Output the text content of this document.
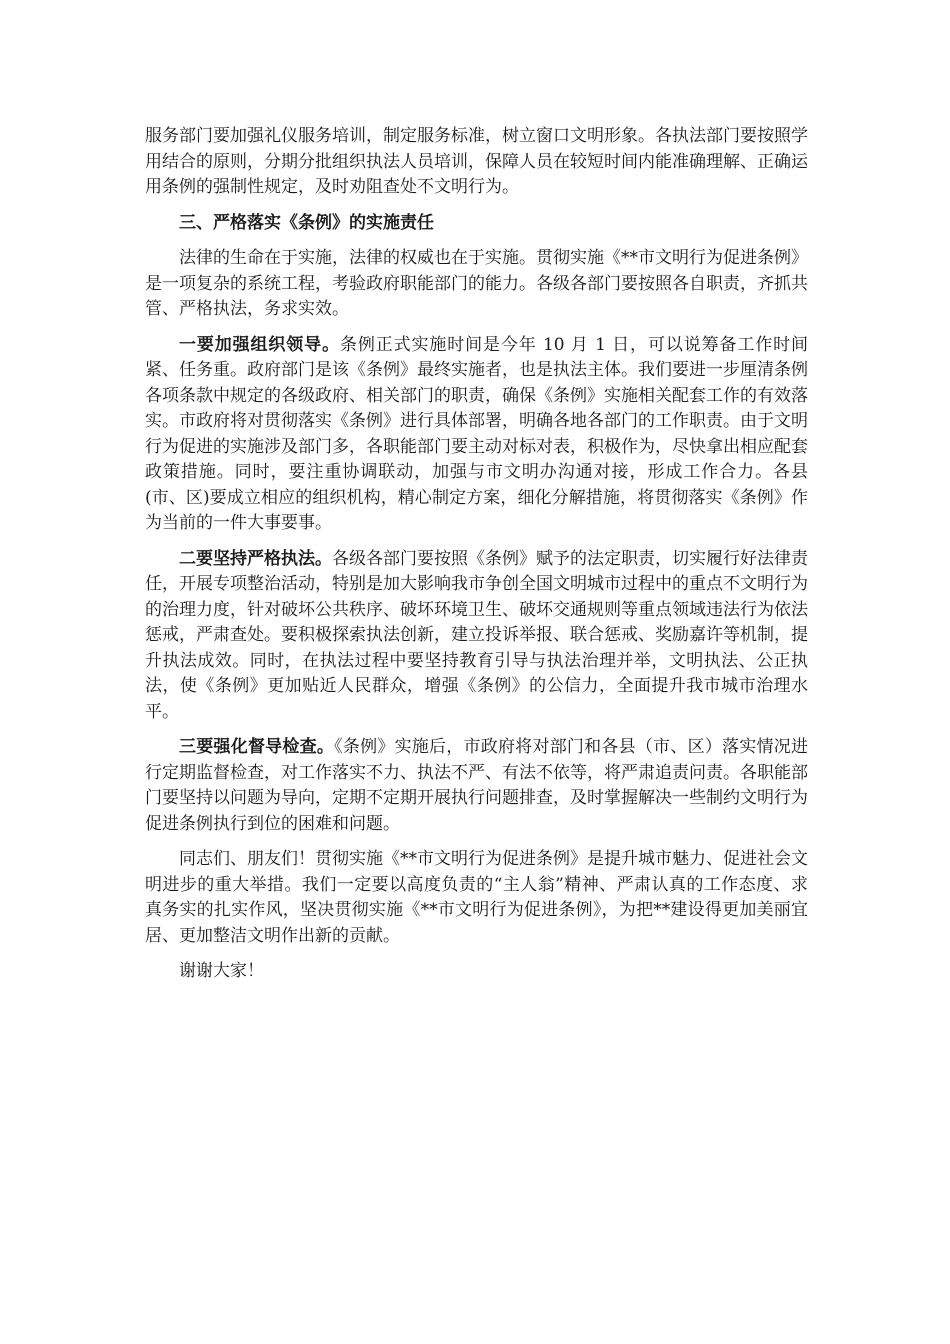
服务部门要加强礼仪服务培训，制定服务标准，树立窗口文明形象。各执法部门要按照学用结合的原则，分期分批组织执法人员培训，保障人员在较短时间内能准确理解、正确运用条例的强制性规定，及时劝阻查处不文明行为。

三、严格落实《条例》的实施责任

法律的生命在于实施，法律的权威也在于实施。贯彻实施《**市文明行为促进条例》是一项复杂的系统工程，考验政府职能部门的能力。各级各部门要按照各自职责，齐抓共管、严格执法，务求实效。

一要加强组织领导。条例正式实施时间是今年 10 月 1 日，可以说筹备工作时间紧、任务重。政府部门是该《条例》最终实施者，也是执法主体。我们要进一步厘清条例各项条款中规定的各级政府、相关部门的职责，确保《条例》实施相关配套工作的有效落实。市政府将对贯彻落实《条例》进行具体部署，明确各地各部门的工作职责。由于文明行为促进的实施涉及部门多，各职能部门要主动对标对表，积极作为，尽快拿出相应配套政策措施。同时，要注重协调联动，加强与市文明办沟通对接，形成工作合力。各县(市、区)要成立相应的组织机构，精心制定方案，细化分解措施，将贯彻落实《条例》作为当前的一件大事要事。

二要坚持严格执法。各级各部门要按照《条例》赋予的法定职责，切实履行好法律责任，开展专项整治活动，特别是加大影响我市争创全国文明城市过程中的重点不文明行为的治理力度，针对破坏公共秩序、破坏环境卫生、破坏交通规则等重点领域违法行为依法惩戒，严肃查处。要积极探索执法创新，建立投诉举报、联合惩戒、奖励嘉许等机制，提升执法成效。同时，在执法过程中要坚持教育引导与执法治理并举，文明执法、公正执法，使《条例》更加贴近人民群众，增强《条例》的公信力，全面提升我市城市治理水平。

三要强化督导检查。《条例》实施后，市政府将对部门和各县（市、区）落实情况进行定期监督检查，对工作落实不力、执法不严、有法不依等，将严肃追责问责。各职能部门要坚持以问题为导向，定期不定期开展执行问题排查，及时掌握解决一些制约文明行为促进条例执行到位的困难和问题。

同志们、朋友们！贯彻实施《**市文明行为促进条例》是提升城市魅力、促进社会文明进步的重大举措。我们一定要以高度负责的“主人翁”精神、严肃认真的工作态度、求真务实的扎实作风，坚决贯彻实施《**市文明行为促进条例》，为把**建设得更加美丽宜居、更加整洁文明作出新的贡献。

谢谢大家！
